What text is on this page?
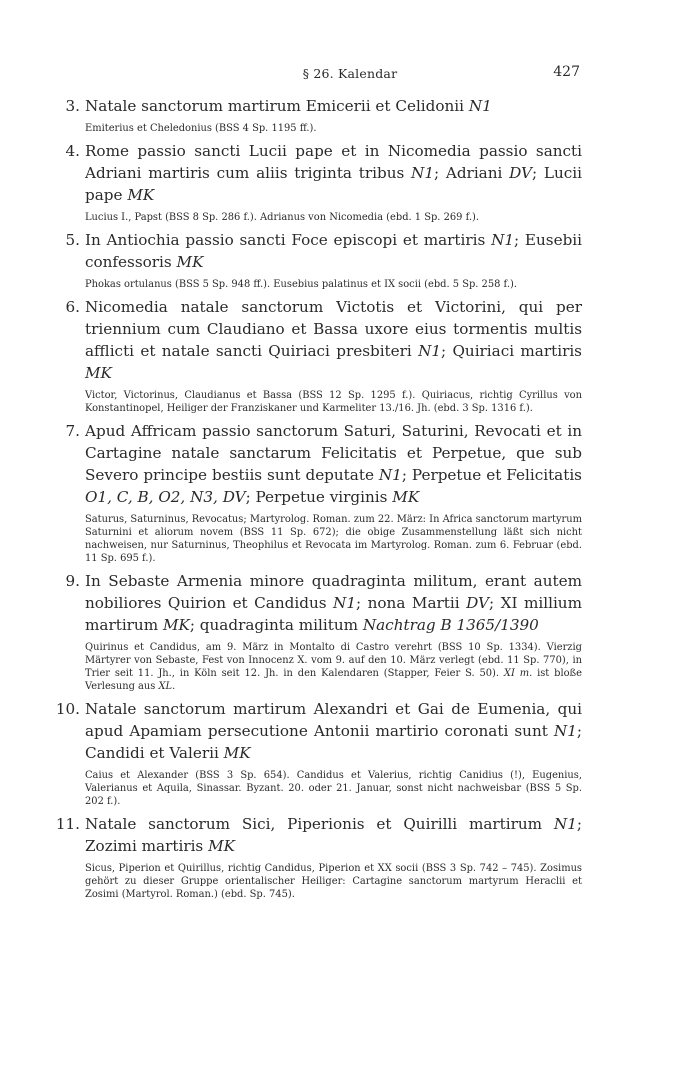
§ 26. Kalendar	427
3. Natale sanctorum martirum Emicerii et Celidonii N1
Emiterius et Cheledonius (BSS 4 Sp. 1195 ff.).
4. Rome passio sancti Lucii pape et in Nicomedia passio sancti Adriani martiris cum aliis triginta tribus N1; Adriani DV; Lucii pape MK
Lucius I., Papst (BSS 8 Sp. 286 f.). Adrianus von Nicomedia (ebd. 1 Sp. 269 f.).
5. In Antiochia passio sancti Foce episcopi et martiris N1; Eusebii confessoris MK
Phokas ortulanus (BSS 5 Sp. 948 ff.). Eusebius palatinus et IX socii (ebd. 5 Sp. 258 f.).
6. Nicomedia natale sanctorum Victotis et Victorini, qui per triennium cum Claudiano et Bassa uxore eius tormentis multis afflicti et natale sancti Quiriaci presbiteri N1; Quiriaci martiris MK
Victor, Victorinus, Claudianus et Bassa (BSS 12 Sp. 1295 f.). Quiriacus, richtig Cyrillus von Konstantinopel, Heiliger der Franziskaner und Karmeliter 13./16. Jh. (ebd. 3 Sp. 1316 f.).
7. Apud Affricam passio sanctorum Saturi, Saturini, Revocati et in Cartagine natale sanctarum Felicitatis et Perpetue, que sub Severo principe bestiis sunt deputate N1; Perpetue et Felicitatis O1, C, B, O2, N3, DV; Perpetue virginis MK
Saturus, Saturninus, Revocatus; Martyrolog. Roman. zum 22. März: In Africa sanctorum martyrum Saturnini et aliorum novem (BSS 11 Sp. 672); die obige Zusammenstellung läßt sich nicht nachweisen, nur Saturninus, Theophilus et Revocata im Martyrolog. Roman. zum 6. Februar (ebd. 11 Sp. 695 f.).
9. In Sebaste Armenia minore quadraginta militum, erant autem nobiliores Quirion et Candidus N1; nona Martii DV; XI millium martirum MK; quadraginta militum Nachtrag B 1365/1390
Quirinus et Candidus, am 9. März in Montalto di Castro verehrt (BSS 10 Sp. 1334). Vierzig Märtyrer von Sebaste, Fest von Innocenz X. vom 9. auf den 10. März verlegt (ebd. 11 Sp. 770), in Trier seit 11. Jh., in Köln seit 12. Jh. in den Kalendaren (Stapper, Feier S. 50). XI m. ist bloße Verlesung aus XL.
10. Natale sanctorum martirum Alexandri et Gai de Eumenia, qui apud Apamiam persecutione Antonii martirio coronati sunt N1; Candidi et Valerii MK
Caius et Alexander (BSS 3 Sp. 654). Candidus et Valerius, richtig Canidius (!), Eugenius, Valerianus et Aquila, Sinassar. Byzant. 20. oder 21. Januar, sonst nicht nachweisbar (BSS 5 Sp. 202 f.).
11. Natale sanctorum Sici, Piperionis et Quirilli martirum N1; Zozimi martiris MK
Sicus, Piperion et Quirillus, richtig Candidus, Piperion et XX socii (BSS 3 Sp. 742 – 745). Zosimus gehört zu dieser Gruppe orientalischer Heiliger: Cartagine sanctorum martyrum Heraclii et Zosimi (Martyrol. Roman.) (ebd. Sp. 745).
